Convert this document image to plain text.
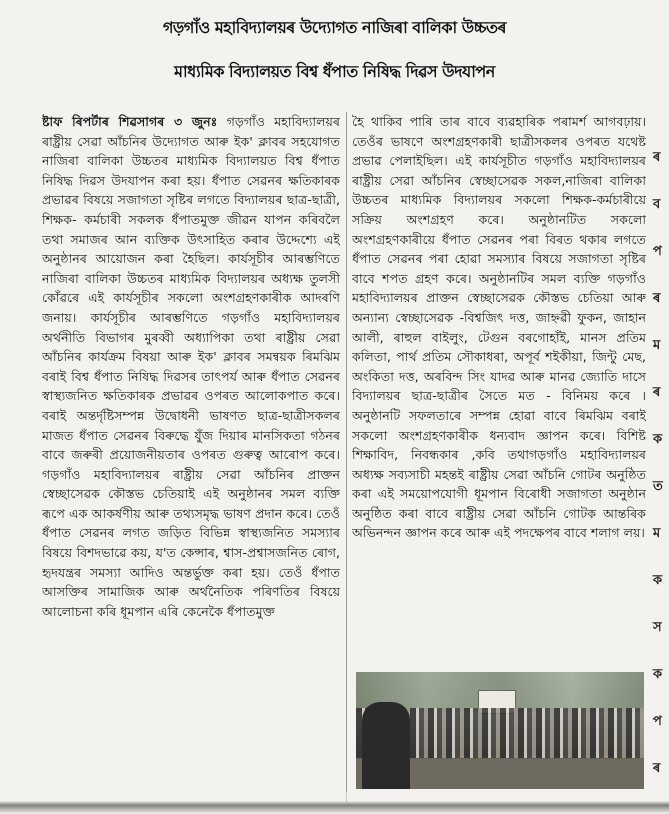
গড়গাঁও মহাবিদ্যালয়ৰ উদ্যোগত নাজিৰা বালিকা উচ্চতৰ
মাধ্যমিক বিদ্যালয়ত বিশ্ব ধঁপাত নিষিদ্ধ দিৱস উদযাপন

ষ্টাফ ৰিপৰ্টাৰ শিৱসাগৰ ৩ জুনঃ গড়গাঁও মহাবিদ্যালয়ৰ ৰাষ্ট্ৰীয় সেৱা আঁচনিৰ উদ্যোগত আৰু ইক' ক্লাবৰ সহযোগত নাজিৰা বালিকা উচ্চতৰ মাধ্যমিক বিদ্যালয়ত বিশ্ব ধঁপাত নিষিদ্ধ দিৱস উদযাপন কৰা হয়। ধঁপাত সেৱনৰ ক্ষতিকাৰক প্ৰভাৱৰ বিষয়ে সজাগতা সৃষ্টিৰ লগতে বিদ্যালয়ৰ ছাত্ৰ-ছাত্ৰী, শিক্ষক- কৰ্মচাৰী সকলক ধঁপাতমুক্ত জীৱন যাপন কৰিবলৈ তথা সমাজৰ আন ব্যক্তিক উৎসাহিত কৰাৰ উদ্দেশ্যে এই অনুষ্ঠানৰ আয়োজন কৰা হৈছিল। কাৰ্যসূচীৰ আৰম্ভণিতে নাজিৰা বালিকা উচ্চতৰ মাধ্যমিক বিদ্যালয়ৰ অধ্যক্ষ তুলসী কোঁৱৰে এই কাৰ্যসূচীৰ সকলো অংশগ্ৰহণকাৰীক আদৰণি জনায়। কাৰ্যসূচীৰ আৰম্ভণিতে গড়গাঁও মহাবিদ্যালয়ৰ অৰ্থনীতি বিভাগৰ মুৰব্বী অধ্যাপিকা তথা ৰাষ্ট্ৰীয় সেৱা আঁচনিৰ কাৰ্যক্ৰম বিষয়া আৰু ইক' ক্লাবৰ সমন্বয়ক ৰিমঝিম বৰাই বিশ্ব ধঁপাত নিষিদ্ধ দিৱসৰ তাৎপৰ্য আৰু ধঁপাত সেৱনৰ স্বাস্থ্যজনিত ক্ষতিকাৰক প্ৰভাৱৰ ওপৰত আলোকপাত কৰে। বৰাই অন্তৰ্দৃষ্টিসম্পন্ন উদ্বোধনী ভাষণত ছাত্ৰ-ছাত্ৰীসকলৰ মাজত ধঁপাত সেৱনৰ বিৰুদ্ধে যুঁজ দিয়াৰ মানসিকতা গঠনৰ বাবে জৰুৰী প্ৰয়োজনীয়তাৰ ওপৰত গুৰুত্ব আৰোপ কৰে। গড়গাঁও মহাবিদ্যালয়ৰ ৰাষ্ট্ৰীয় সেৱা আঁচনিৰ প্ৰাক্তন স্বেচ্ছাসেৱক কৌস্তভ চেতিয়াই এই অনুষ্ঠানৰ সমল ব্যক্তি ৰূপে এক আকৰ্ষণীয় আৰু তথ্যসমৃদ্ধ ভাষণ প্ৰদান কৰে। তেওঁ ধঁপাত সেৱনৰ লগত জড়িত বিভিন্ন স্বাস্থ্যজনিত সমস্যাৰ বিষয়ে বিশদভাৱে কয়, য'ত কেন্সাৰ, শ্বাস-প্ৰশ্বাসজনিত ৰোগ, হৃদযন্ত্ৰৰ সমস্যা আদিও অন্তৰ্ভুক্ত কৰা হয়। তেওঁ ধঁপাত আসক্তিৰ সামাজিক আৰু অৰ্থনৈতিক পৰিণতিৰ বিষয়ে আলোচনা কৰি ধূমপান এৰি কেনেকৈ ধঁপাতমুক্ত

হৈ থাকিব পাৰি তাৰ বাবে ব্যৱহাৰিক পৰামৰ্শ আগবঢ়ায়। তেওঁৰ ভাষণে অংশগ্ৰহণকাৰী ছাত্ৰীসকলৰ ওপৰত যথেষ্ট প্ৰভাৱ পেলাইছিল। এই কাৰ্যসূচীত গড়গাঁও মহাবিদ্যালয়ৰ ৰাষ্ট্ৰীয় সেৱা আঁচনিৰ স্বেচ্ছাসেৱক সকল,নাজিৰা বালিকা উচ্চতৰ মাধ্যমিক বিদ্যালয়ৰ সকলো শিক্ষক-কৰ্মচাৰীয়ে সক্ৰিয় অংশগ্ৰহণ কৰে। অনুষ্ঠানটিত সকলো অংশগ্ৰহণকাৰীয়ে ধঁপাত সেৱনৰ পৰা বিৰত থকাৰ লগতে ধঁপাত সেৱনৰ পৰা হোৱা সমস্যাৰ বিষয়ে সজাগতা সৃষ্টিৰ বাবে শপত গ্ৰহণ কৰে। অনুষ্ঠানটিৰ সমল ব্যক্তি গড়গাঁও মহাবিদ্যালয়ৰ প্ৰাক্তন স্বেচ্ছাসেৱক কৌস্তভ চেতিয়া আৰু অন্যান্য স্বেচ্ছাসেৱক -বিশ্বজিৎ দত্ত, জাহ্নৱী ফুকন, জাহান আলী, ৰাহুল বাইলুং, টেগুন বৰগোহাঁই, মানস প্ৰতিম কলিতা, পাৰ্থ প্ৰতিম সৌকাধৰা, অপূৰ্ব শইকীয়া, জিন্টু মেছ, অংকিতা দত্ত, অৰবিন্দ সিং যাদৱ আৰু মানৱ জ্যোতি দাসে বিদ্যালয়ৰ ছাত্ৰ-ছাত্ৰীৰ সৈতে মত - বিনিময় কৰে । অনুষ্ঠানটি সফলতাৰে সম্পন্ন হোৱা বাবে ৰিমঝিম বৰাই সকলো অংশগ্ৰহণকাৰীক ধন্যবাদ জ্ঞাপন কৰে। বিশিষ্ট শিক্ষাবিদ, নিবন্ধকাৰ ,কবি তথাগড়গাঁও মহাবিদ্যালয়ৰ অধ্যক্ষ সব্যসাচী মহন্তই ৰাষ্ট্ৰীয় সেৱা আঁচনি গোটৰ অনুষ্ঠিত কৰা এই সময়োপযোগী ধূমপান বিৰোধী সজাগতা অনুষ্ঠান অনুষ্ঠিত কৰা বাবে ৰাষ্ট্ৰীয় সেৱা আঁচনি গোটক আন্তৰিক অভিনন্দন জ্ঞাপন কৰে আৰু এই পদক্ষেপৰ বাবে শলাগ লয়।

ৰ
ব
প
ৰ
ম
ৰ
ক
ত
ম
ক
স
ক
প
ৰ
